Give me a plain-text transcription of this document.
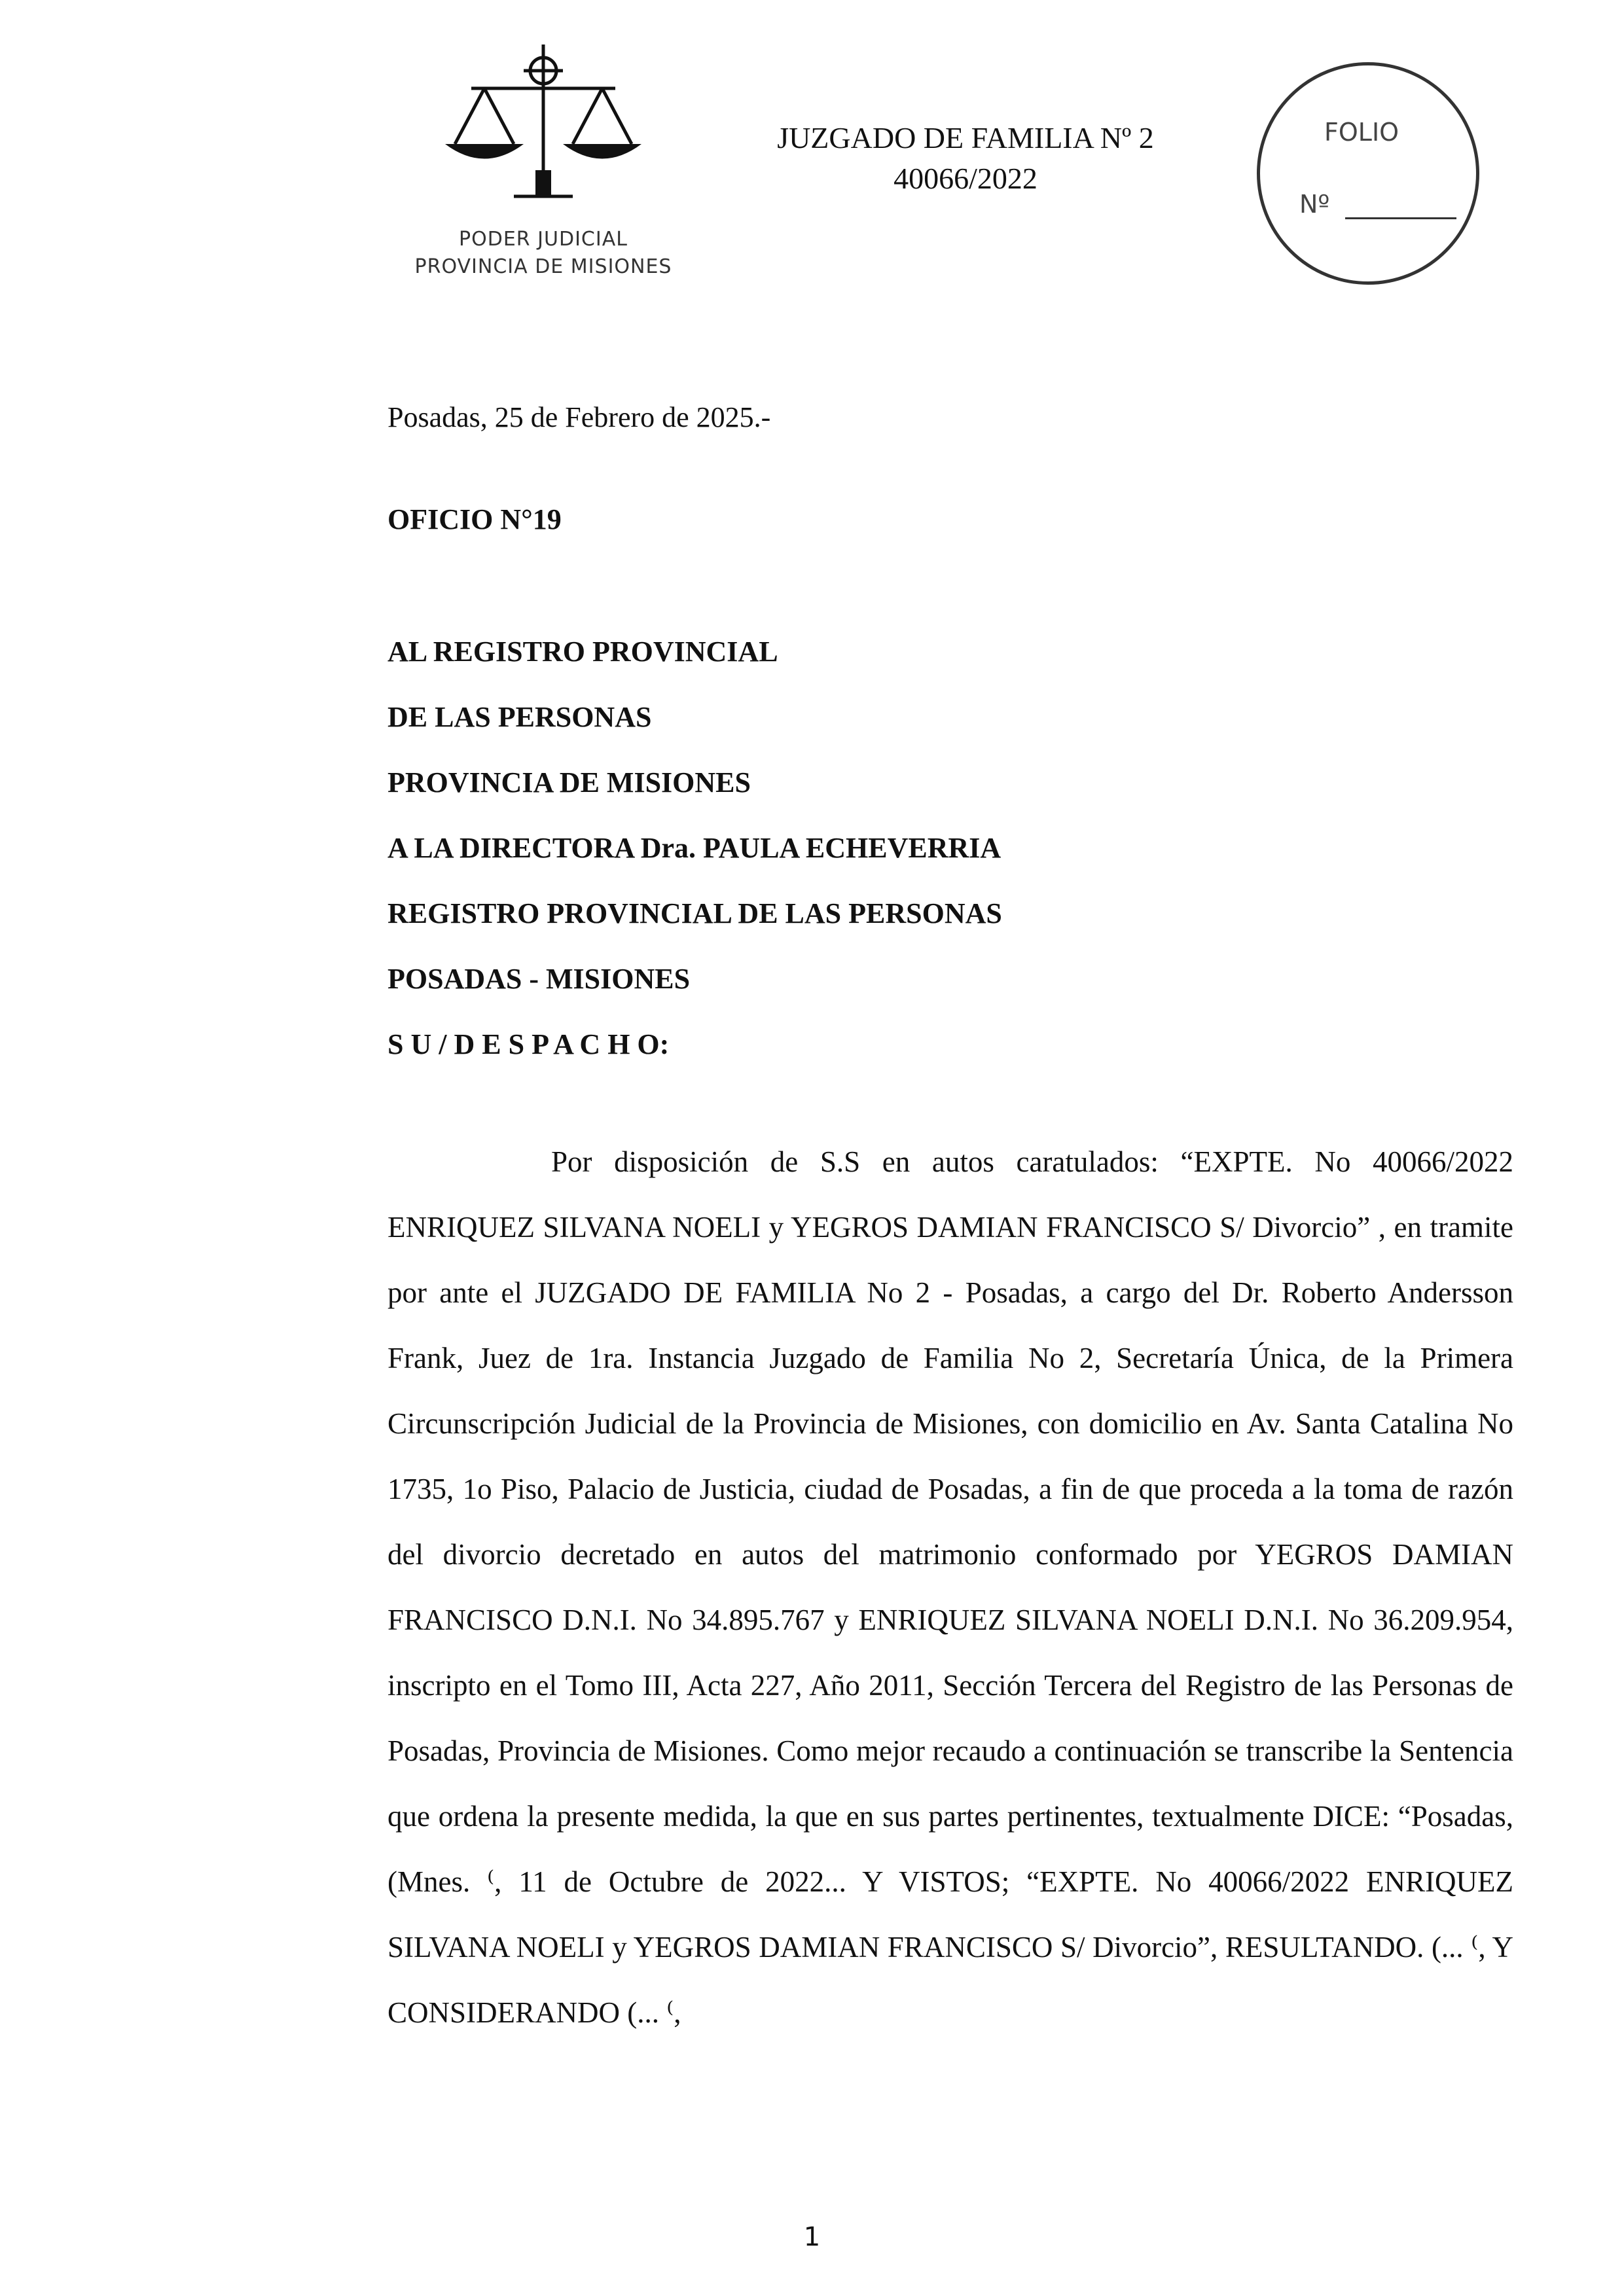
PODER JUDICIAL
PROVINCIA DE MISIONES
JUZGADO DE FAMILIA Nº 2
40066/2022
FOLIO
Nº
Posadas, 25 de Febrero de 2025.-
OFICIO N°19
AL REGISTRO PROVINCIAL
DE LAS PERSONAS
PROVINCIA DE MISIONES
A LA DIRECTORA Dra. PAULA ECHEVERRIA
REGISTRO PROVINCIAL DE LAS PERSONAS
POSADAS - MISIONES
S U / D E S P A C H O:
Por disposición de S.S en autos caratulados: “EXPTE. No 40066/2022 ENRIQUEZ SILVANA NOELI y YEGROS DAMIAN FRANCISCO S/ Divorcio” , en tramite por ante el JUZGADO DE FAMILIA No 2 - Posadas, a cargo del Dr. Roberto Andersson Frank, Juez de 1ra. Instancia Juzgado de Familia No 2, Secretaría Única, de la Primera Circunscripción Judicial de la Provincia de Misiones, con domicilio en Av. Santa Catalina No 1735, 1o Piso, Palacio de Justicia, ciudad de Posadas, a fin de que proceda a la toma de razón del divorcio decretado en autos del matrimonio conformado por YEGROS DAMIAN FRANCISCO D.N.I. No 34.895.767 y ENRIQUEZ SILVANA NOELI D.N.I. No 36.209.954, inscripto en el Tomo III, Acta 227, Año 2011, Sección Tercera del Registro de las Personas de Posadas, Provincia de Misiones. Como mejor recaudo a continuación se transcribe la Sentencia que ordena la presente medida, la que en sus partes pertinentes, textualmente DICE: “Posadas, (Mnes. ⁽, 11 de Octubre de 2022... Y VISTOS; “EXPTE. No 40066/2022 ENRIQUEZ SILVANA NOELI y YEGROS DAMIAN FRANCISCO S/ Divorcio”, RESULTANDO. (... ⁽, Y CONSIDERANDO (... ⁽,
1
